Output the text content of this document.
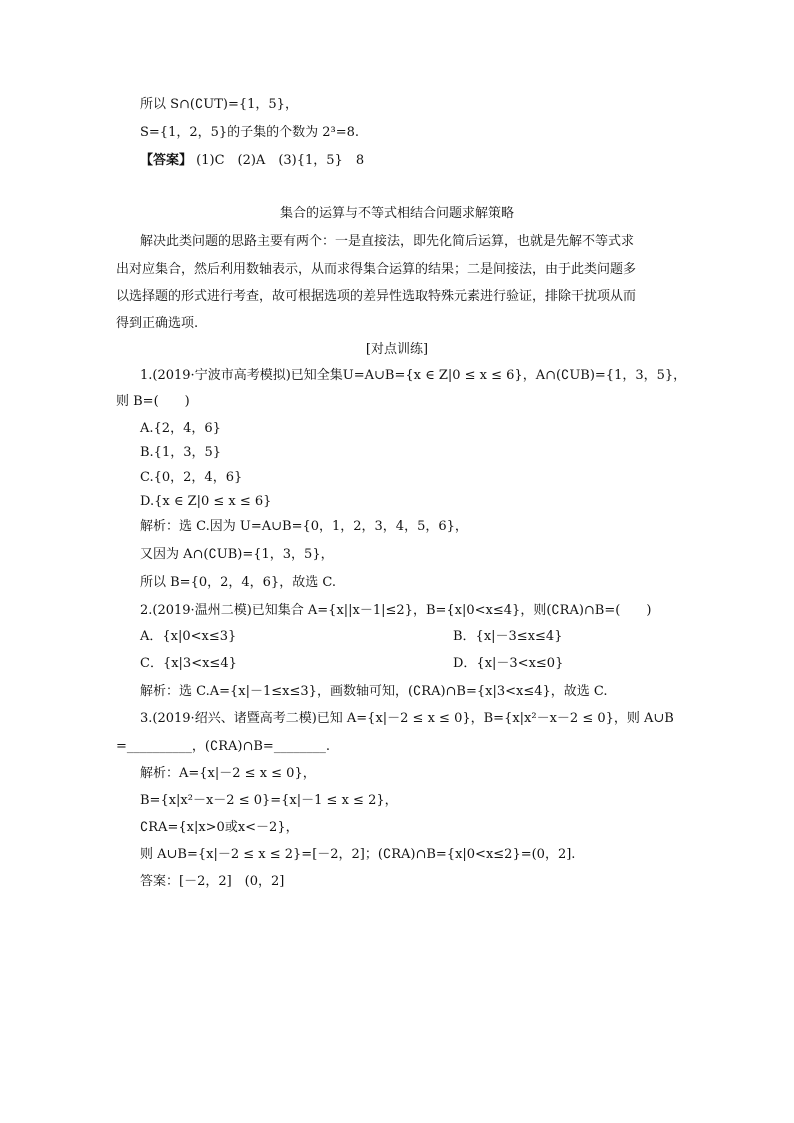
所以 S∩(∁UT)={1，5}，
S={1，2，5}的子集的个数为 2³=8.
【答案】 (1)C　(2)A　(3){1，5}　8
集合的运算与不等式相结合问题求解策略
解决此类问题的思路主要有两个：一是直接法，即先化简后运算，也就是先解不等式求
出对应集合，然后利用数轴表示，从而求得集合运算的结果；二是间接法，由于此类问题多
以选择题的形式进行考查，故可根据选项的差异性选取特殊元素进行验证，排除干扰项从而
得到正确选项.
[对点训练]
1.(2019·宁波市高考模拟)已知全集U=A∪B={x ∈ Z|0 ≤ x ≤ 6}，A∩(∁UB)={1，3，5}，
则 B=(　　)
A.{2，4，6}
B.{1，3，5}
C.{0，2，4，6}
D.{x ∈ Z|0 ≤ x ≤ 6}
解析：选 C.因为 U=A∪B={0，1，2，3，4，5，6}，
又因为 A∩(∁UB)={1，3，5}，
所以 B={0，2，4，6}，故选 C.
2.(2019·温州二模)已知集合 A={x||x－1|≤2}，B={x|0<x≤4}，则(∁RA)∩B=(　　)
A．{x|0<x≤3}	B．{x|－3≤x≤4}
C．{x|3<x≤4}	D．{x|－3<x≤0}
解析：选 C.A={x|－1≤x≤3}，画数轴可知，(∁RA)∩B={x|3<x≤4}，故选 C.
3.(2019·绍兴、诸暨高考二模)已知 A={x|－2 ≤ x ≤ 0}，B={x|x²－x－2 ≤ 0}，则 A∪B
=__________，(∁RA)∩B=________.
解析：A={x|－2 ≤ x ≤ 0}，
B={x|x²－x－2 ≤ 0}={x|－1 ≤ x ≤ 2}，
∁RA={x|x>0或x<－2}，
则 A∪B={x|－2 ≤ x ≤ 2}=[－2，2]；(∁RA)∩B={x|0<x≤2}=(0，2].
答案：[－2，2]　(0，2]
